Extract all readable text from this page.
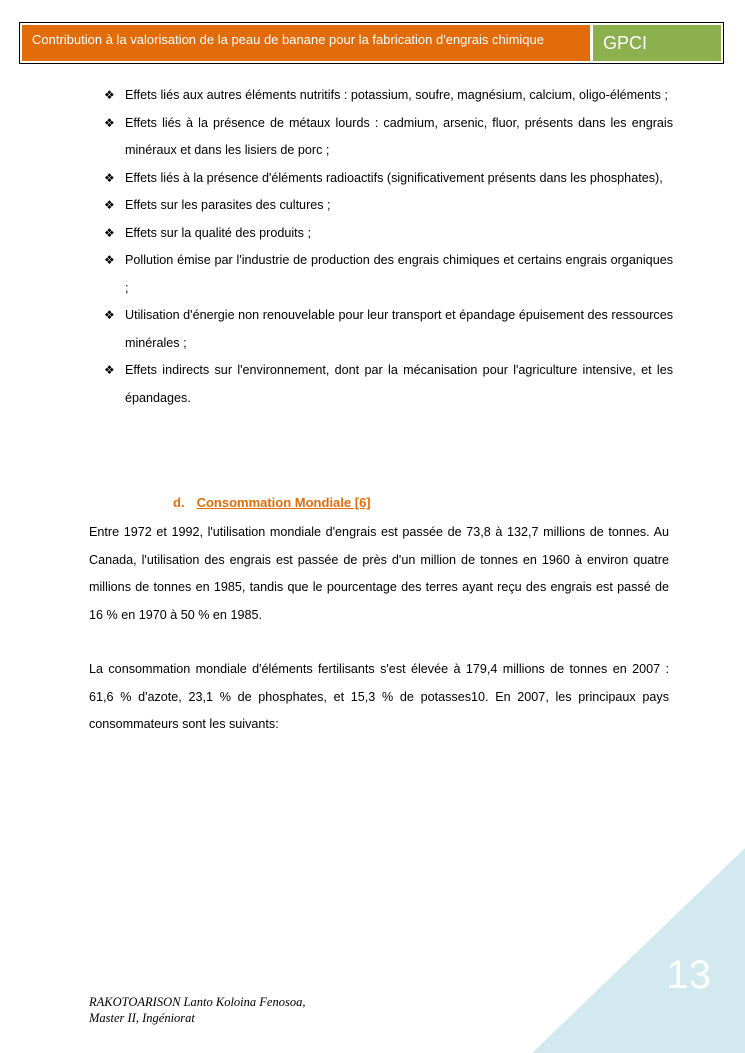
Contribution à la valorisation de la peau de banane pour la fabrication d'engrais chimique	GPCI
❖ Effets liés aux autres éléments nutritifs : potassium, soufre, magnésium, calcium, oligo-éléments ;
❖ Effets liés à la présence de métaux lourds : cadmium, arsenic, fluor, présents dans les engrais minéraux et dans les lisiers de porc ;
❖ Effets liés à la présence d'éléments radioactifs (significativement présents dans les phosphates),
❖ Effets sur les parasites des cultures ;
❖ Effets sur la qualité des produits ;
❖ Pollution émise par l'industrie de production des engrais chimiques et certains engrais organiques ;
❖ Utilisation d'énergie non renouvelable pour leur transport et épandage épuisement des ressources minérales ;
❖ Effets indirects sur l'environnement, dont par la mécanisation pour l'agriculture intensive, et les épandages.
d. Consommation Mondiale [6]

Entre 1972 et 1992, l'utilisation mondiale d'engrais est passée de 73,8 à 132,7 millions de tonnes. Au Canada, l'utilisation des engrais est passée de près d'un million de tonnes en 1960 à environ quatre millions de tonnes en 1985, tandis que le pourcentage des terres ayant reçu des engrais est passé de 16 % en 1970 à 50 % en 1985.

La consommation mondiale d'éléments fertilisants s'est élevée à 179,4 millions de tonnes en 2007 : 61,6 % d'azote, 23,1 % de phosphates, et 15,3 % de potasses10. En 2007, les principaux pays consommateurs sont les suivants:

13
RAKOTOARISON Lanto Koloina Fenosoa,
Master II, Ingéniorat
